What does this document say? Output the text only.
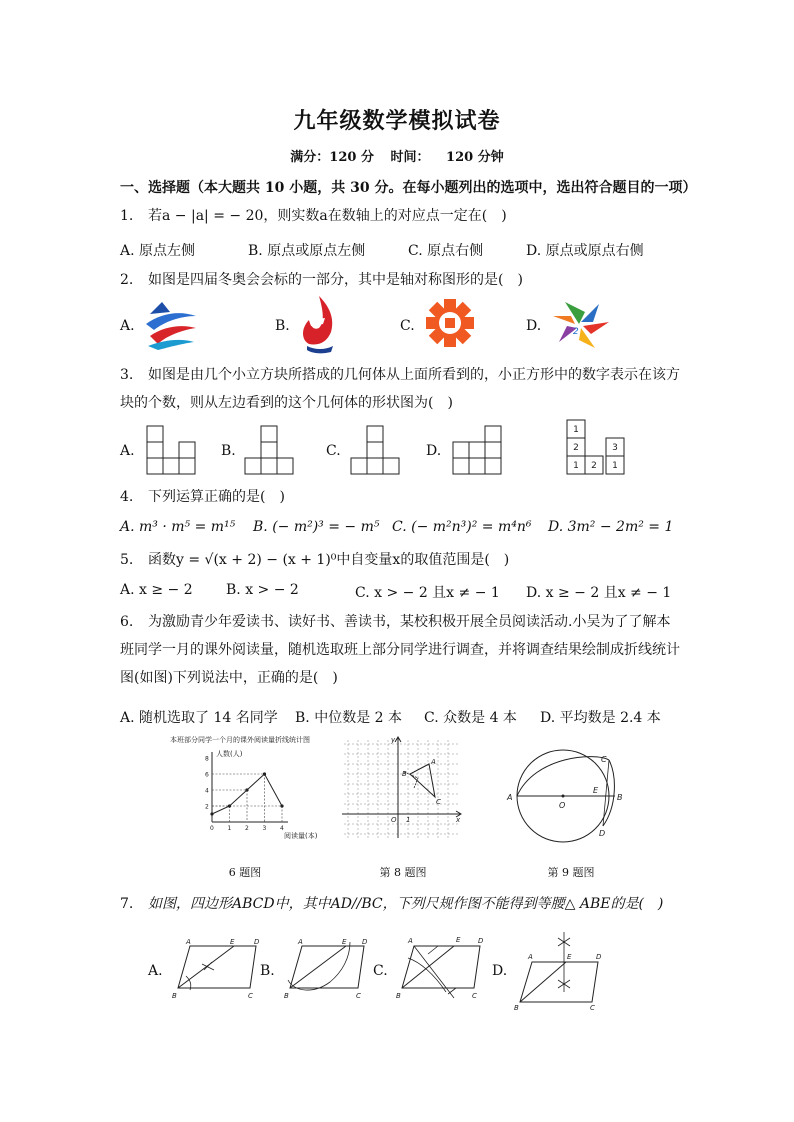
九年级数学模拟试卷
满分：120 分 时间： 120 分钟
一、选择题（本大题共 10 小题，共 30 分。在每小题列出的选项中，选出符合题目的一项）
1. 若a − |a| = − 20，则实数a在数轴上的对应点一定在(　)
A. 原点左侧	B. 原点或原点左侧	C. 原点右侧	D. 原点或原点右侧
2. 如图是四届冬奥会会标的一部分，其中是轴对称图形的是(　)
A.	B.	C.	D.	2
3. 如图是由几个小立方块所搭成的几何体从上面所看到的，小正方形中的数字表示在该方
块的个数，则从左边看到的这个几何体的形状图为(　)
A.	B.	C.	D.
1
2
1 2 1
3
1
4. 下列运算正确的是(　)
A. m³ · m⁵ = m¹⁵ B. (− m²)³ = − m⁵ C. (− m²n³)² = m⁴n⁶ D. 3m² − 2m² = 1
5. 函数y = √(x + 2) − (x + 1)⁰中自变量x的取值范围是(　)
A. x ≥ − 2 B. x > − 2	C. x > − 2 且x ≠ − 1 D. x ≥ − 2 且x ≠ − 1
6. 为激励青少年爱读书、读好书、善读书，某校积极开展全员阅读活动.小吴为了了解本
班同学一月的课外阅读量，随机选取班上部分同学进行调查，并将调查结果绘制成折线统计
图(如图)下列说法中，正确的是(　)
A. 随机选取了 14 名同学 B. 中位数是 2 本 C. 众数是 4 本 D. 平均数是 2.4 本
本班部分同学一个月的课外阅读量折线统计图
人数(人)
阅读量(本)
2
4
6
8
0 1 2 3 4
6 题图
y
x
A
B
C
O 1
第 8 题图
A
O
E
B
C
D
第 9 题图
7. 如图，四边形ABCD中，其中AD//BC，下列尺规作图不能得到等腰△ ABE的是(　)
A.
A	E	D
B	C
B.
A	E D
B	C
C.
A	E	D
B	C
D.
A	E	D
B	C
